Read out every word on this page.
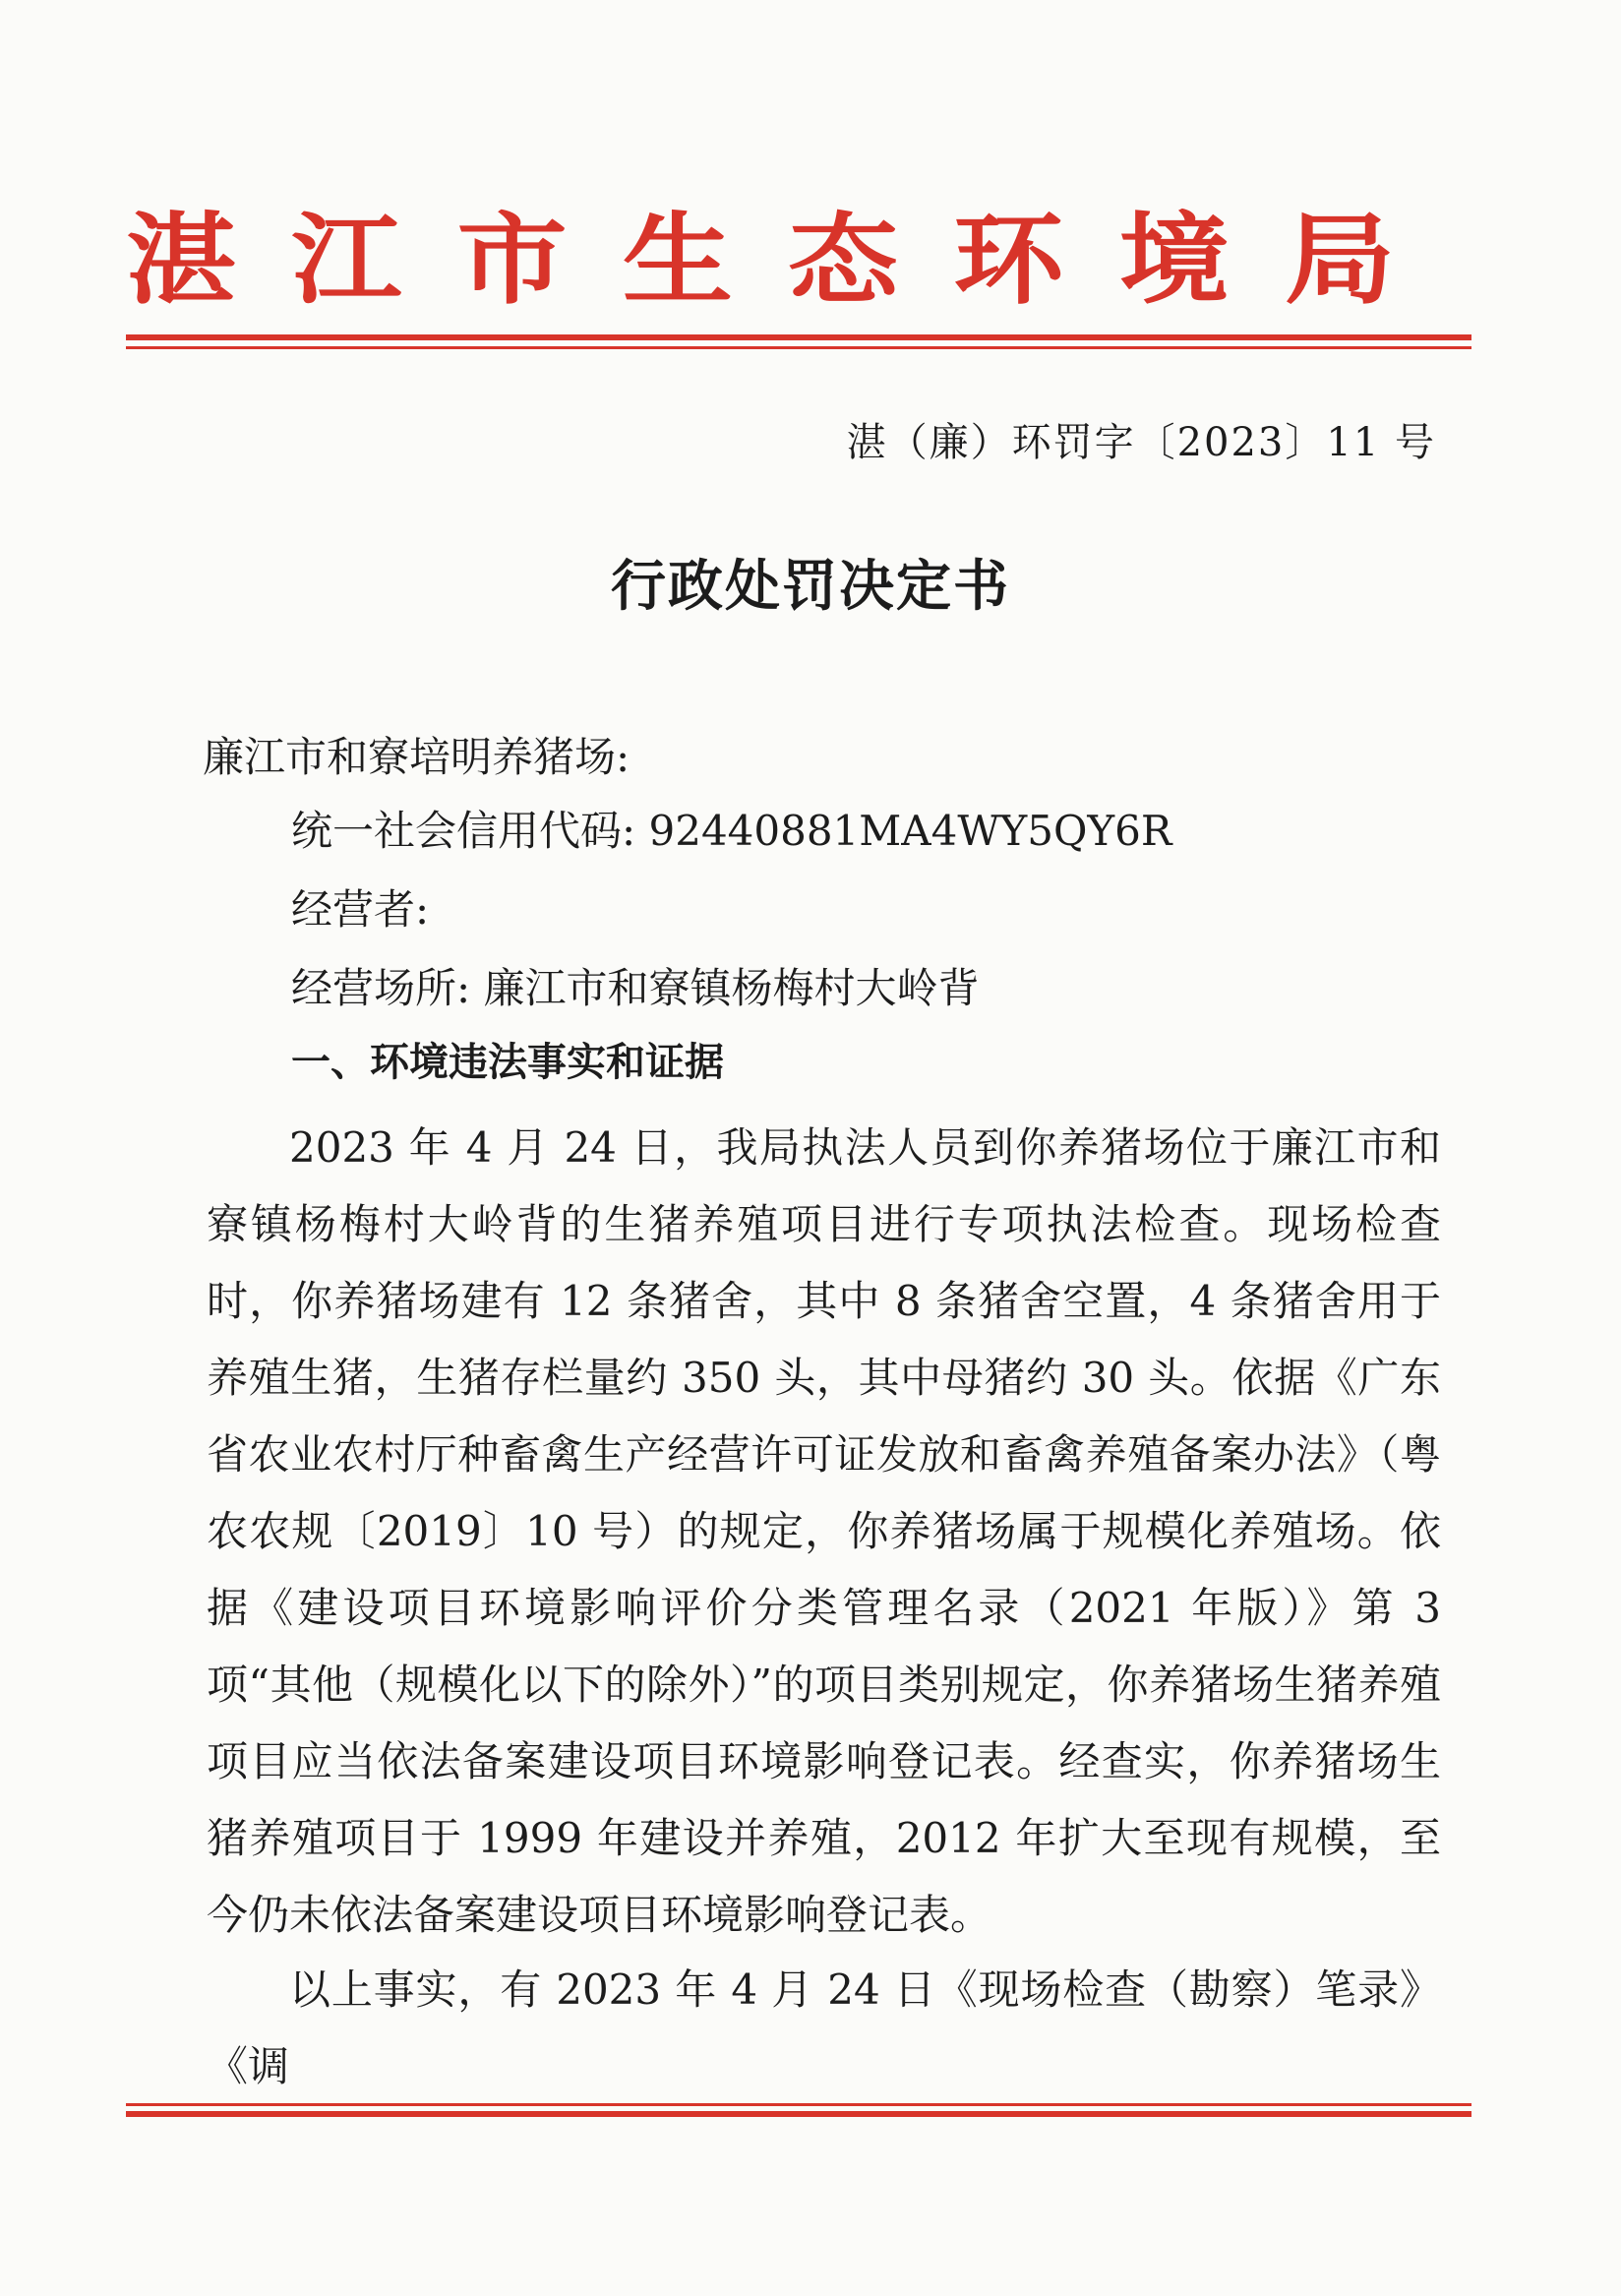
湛 江 市 生 态 环 境 局
湛（廉）环罚字〔2023〕11 号
行政处罚决定书
廉江市和寮培明养猪场:
统一社会信用代码: 92440881MA4WY5QY6R
经营者:
经营场所: 廉江市和寮镇杨梅村大岭背
一、环境违法事实和证据

2023 年 4 月 24 日，我局执法人员到你养猪场位于廉江市和寮镇杨梅村大岭背的生猪养殖项目进行专项执法检查。现场检查时，你养猪场建有 12 条猪舍，其中 8 条猪舍空置，4 条猪舍用于养殖生猪，生猪存栏量约 350 头，其中母猪约 30 头。依据《广东省农业农村厅种畜禽生产经营许可证发放和畜禽养殖备案办法》（粤农农规〔2019〕10 号）的规定，你养猪场属于规模化养殖场。依据《建设项目环境影响评价分类管理名录（2021 年版）》第 3 项“其他（规模化以下的除外）”的项目类别规定，你养猪场生猪养殖项目应当依法备案建设项目环境影响登记表。经查实，你养猪场生猪养殖项目于 1999 年建设并养殖，2012 年扩大至现有规模，至今仍未依法备案建设项目环境影响登记表。

以上事实，有 2023 年 4 月 24 日《现场检查（勘察）笔录》《调
